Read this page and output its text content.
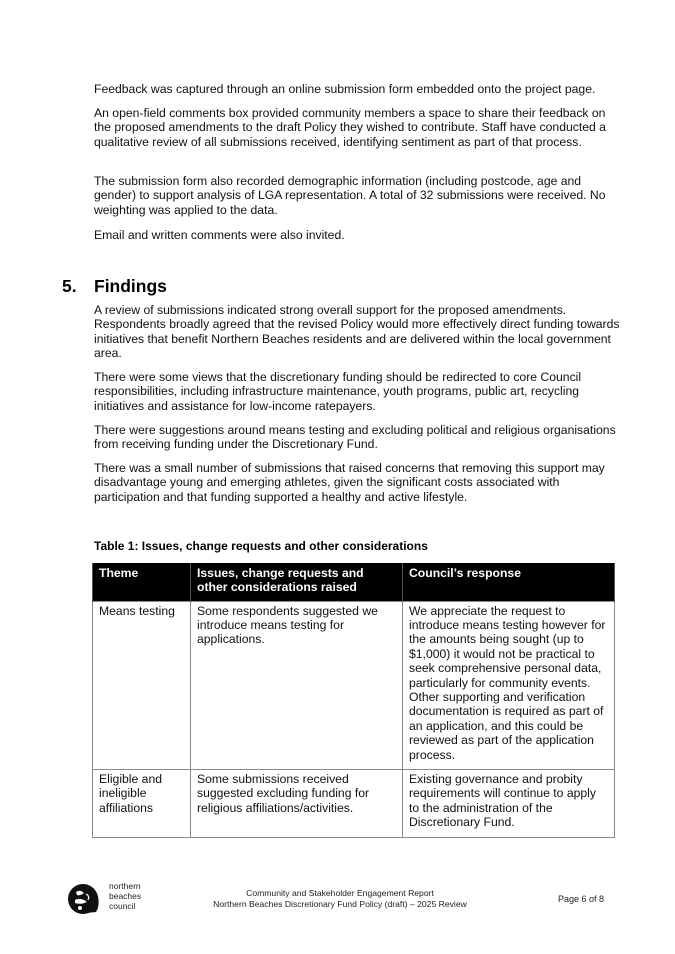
Feedback was captured through an online submission form embedded onto the project page.

An open-field comments box provided community members a space to share their feedback on the proposed amendments to the draft Policy they wished to contribute. Staff have conducted a qualitative review of all submissions received, identifying sentiment as part of that process.

The submission form also recorded demographic information (including postcode, age and gender) to support analysis of LGA representation. A total of 32 submissions were received. No weighting was applied to the data.

Email and written comments were also invited.

5. Findings

A review of submissions indicated strong overall support for the proposed amendments. Respondents broadly agreed that the revised Policy would more effectively direct funding towards initiatives that benefit Northern Beaches residents and are delivered within the local government area.

There were some views that the discretionary funding should be redirected to core Council responsibilities, including infrastructure maintenance, youth programs, public art, recycling initiatives and assistance for low-income ratepayers.

There were suggestions around means testing and excluding political and religious organisations from receiving funding under the Discretionary Fund.

There was a small number of submissions that raised concerns that removing this support may disadvantage young and emerging athletes, given the significant costs associated with participation and that funding supported a healthy and active lifestyle.

Table 1: Issues, change requests and other considerations
Theme	Issues, change requests and other considerations raised	Council’s response
Means testing	Some respondents suggested we introduce means testing for applications.	We appreciate the request to introduce means testing however for the amounts being sought (up to $1,000) it would not be practical to seek comprehensive personal data, particularly for community events. Other supporting and verification documentation is required as part of an application, and this could be reviewed as part of the application process.
Eligible and ineligible affiliations	Some submissions received suggested excluding funding for religious affiliations/activities.	Existing governance and probity requirements will continue to apply to the administration of the Discretionary Fund.
northern
beaches
council
Community and Stakeholder Engagement Report
Northern Beaches Discretionary Fund Policy (draft) – 2025 Review	Page 6 of 8
